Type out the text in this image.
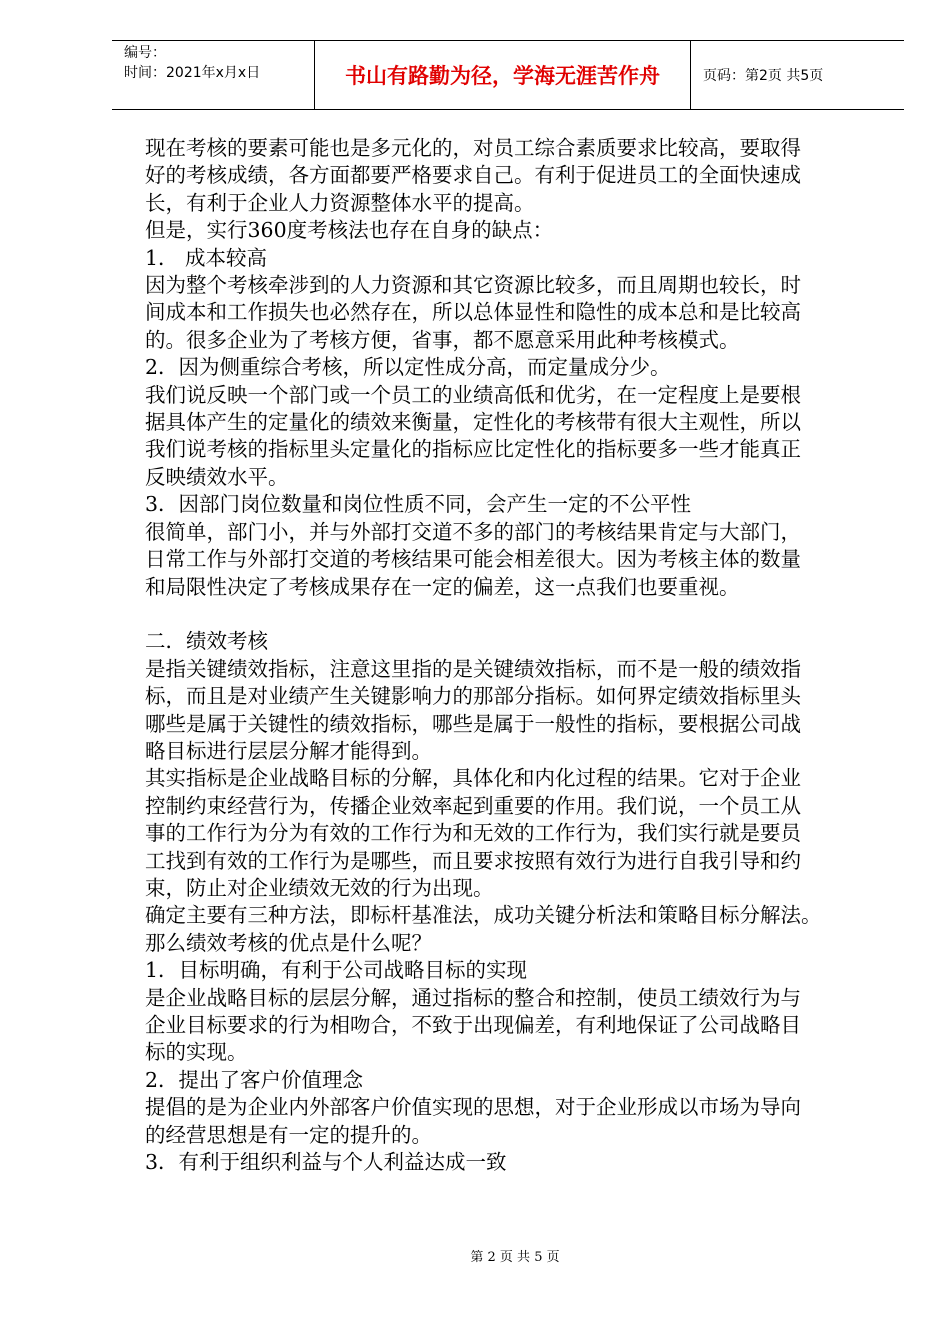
编号：
时间：2021年x月x日	书山有路勤为径，学海无涯苦作舟	页码：第2页 共5页

现在考核的要素可能也是多元化的，对员工综合素质要求比较高，要取得

好的考核成绩，各方面都要严格要求自己。有利于促进员工的全面快速成

长，有利于企业人力资源整体水平的提高。

但是，实行360度考核法也存在自身的缺点：

1． 成本较高

因为整个考核牵涉到的人力资源和其它资源比较多，而且周期也较长，时

间成本和工作损失也必然存在，所以总体显性和隐性的成本总和是比较高

的。很多企业为了考核方便，省事，都不愿意采用此种考核模式。

2．因为侧重综合考核，所以定性成分高，而定量成分少。

我们说反映一个部门或一个员工的业绩高低和优劣，在一定程度上是要根

据具体产生的定量化的绩效来衡量，定性化的考核带有很大主观性，所以

我们说考核的指标里头定量化的指标应比定性化的指标要多一些才能真正

反映绩效水平。

3．因部门岗位数量和岗位性质不同，会产生一定的不公平性

很简单，部门小，并与外部打交道不多的部门的考核结果肯定与大部门，

日常工作与外部打交道的考核结果可能会相差很大。因为考核主体的数量

和局限性决定了考核成果存在一定的偏差，这一点我们也要重视。

二．绩效考核

是指关键绩效指标，注意这里指的是关键绩效指标，而不是一般的绩效指

标，而且是对业绩产生关键影响力的那部分指标。如何界定绩效指标里头

哪些是属于关键性的绩效指标，哪些是属于一般性的指标，要根据公司战

略目标进行层层分解才能得到。

其实指标是企业战略目标的分解，具体化和内化过程的结果。它对于企业

控制约束经营行为，传播企业效率起到重要的作用。我们说，一个员工从

事的工作行为分为有效的工作行为和无效的工作行为，我们实行就是要员

工找到有效的工作行为是哪些，而且要求按照有效行为进行自我引导和约

束，防止对企业绩效无效的行为出现。

确定主要有三种方法，即标杆基准法，成功关键分析法和策略目标分解法。

那么绩效考核的优点是什么呢？

1．目标明确，有利于公司战略目标的实现

是企业战略目标的层层分解，通过指标的整合和控制，使员工绩效行为与

企业目标要求的行为相吻合，不致于出现偏差，有利地保证了公司战略目

标的实现。

2．提出了客户价值理念

提倡的是为企业内外部客户价值实现的思想，对于企业形成以市场为导向

的经营思想是有一定的提升的。

3．有利于组织利益与个人利益达成一致

第 2 页 共 5 页
